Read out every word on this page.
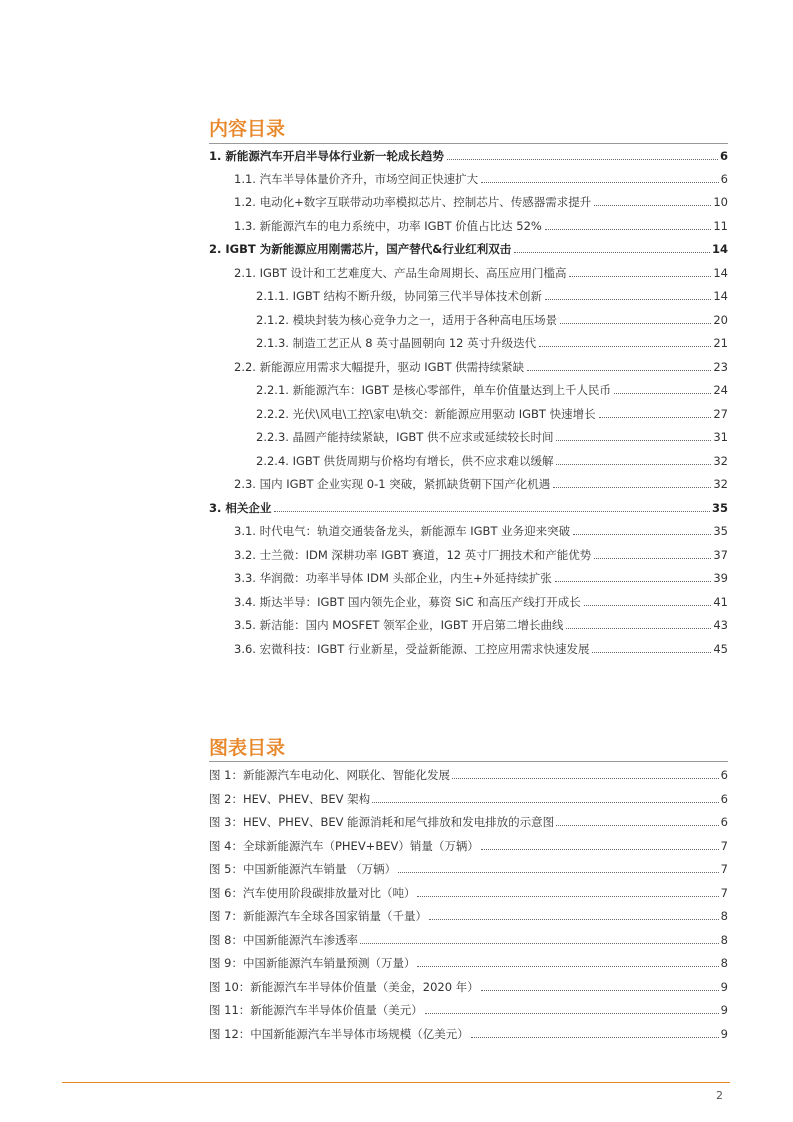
内容目录
1. 新能源汽车开启半导体行业新一轮成长趋势	6
1.1. 汽车半导体量价齐升，市场空间正快速扩大	6
1.2. 电动化+数字互联带动功率模拟芯片、控制芯片、传感器需求提升	10
1.3. 新能源汽车的电力系统中，功率 IGBT 价值占比达 52%	11
2. IGBT 为新能源应用刚需芯片，国产替代&行业红利双击	14
2.1. IGBT 设计和工艺难度大、产品生命周期长、高压应用门槛高	14
2.1.1. IGBT 结构不断升级，协同第三代半导体技术创新	14
2.1.2. 模块封装为核心竞争力之一，适用于各种高电压场景	20
2.1.3. 制造工艺正从 8 英寸晶圆朝向 12 英寸升级迭代	21
2.2. 新能源应用需求大幅提升，驱动 IGBT 供需持续紧缺	23
2.2.1. 新能源汽车：IGBT 是核心零部件，单车价值量达到上千人民币	24
2.2.2. 光伏\风电\工控\家电\轨交：新能源应用驱动 IGBT 快速增长	27
2.2.3. 晶圆产能持续紧缺，IGBT 供不应求或延续较长时间	31
2.2.4. IGBT 供货周期与价格均有增长，供不应求难以缓解	32
2.3. 国内 IGBT 企业实现 0-1 突破，紧抓缺货朝下国产化机遇	32
3. 相关企业	35
3.1. 时代电气：轨道交通装备龙头，新能源车 IGBT 业务迎来突破	35
3.2. 士兰微：IDM 深耕功率 IGBT 赛道，12 英寸厂拥技术和产能优势	37
3.3. 华润微：功率半导体 IDM 头部企业，内生+外延持续扩张	39
3.4. 斯达半导：IGBT 国内领先企业，募资 SiC 和高压产线打开成长	41
3.5. 新洁能：国内 MOSFET 领军企业，IGBT 开启第二增长曲线	43
3.6. 宏微科技：IGBT 行业新星，受益新能源、工控应用需求快速发展	45
图表目录
图 1：新能源汽车电动化、网联化、智能化发展	6
图 2：HEV、PHEV、BEV 架构	6
图 3：HEV、PHEV、BEV 能源消耗和尾气排放和发电排放的示意图	6
图 4：全球新能源汽车（PHEV+BEV）销量（万辆）	7
图 5：中国新能源汽车销量 （万辆）	7
图 6：汽车使用阶段碳排放量对比（吨）	7
图 7：新能源汽车全球各国家销量（千量）	8
图 8：中国新能源汽车渗透率	8
图 9：中国新能源汽车销量预测（万量）	8
图 10：新能源汽车半导体价值量（美金，2020 年）	9
图 11：新能源汽车半导体价值量（美元）	9
图 12：中国新能源汽车半导体市场规模（亿美元）	9
2
